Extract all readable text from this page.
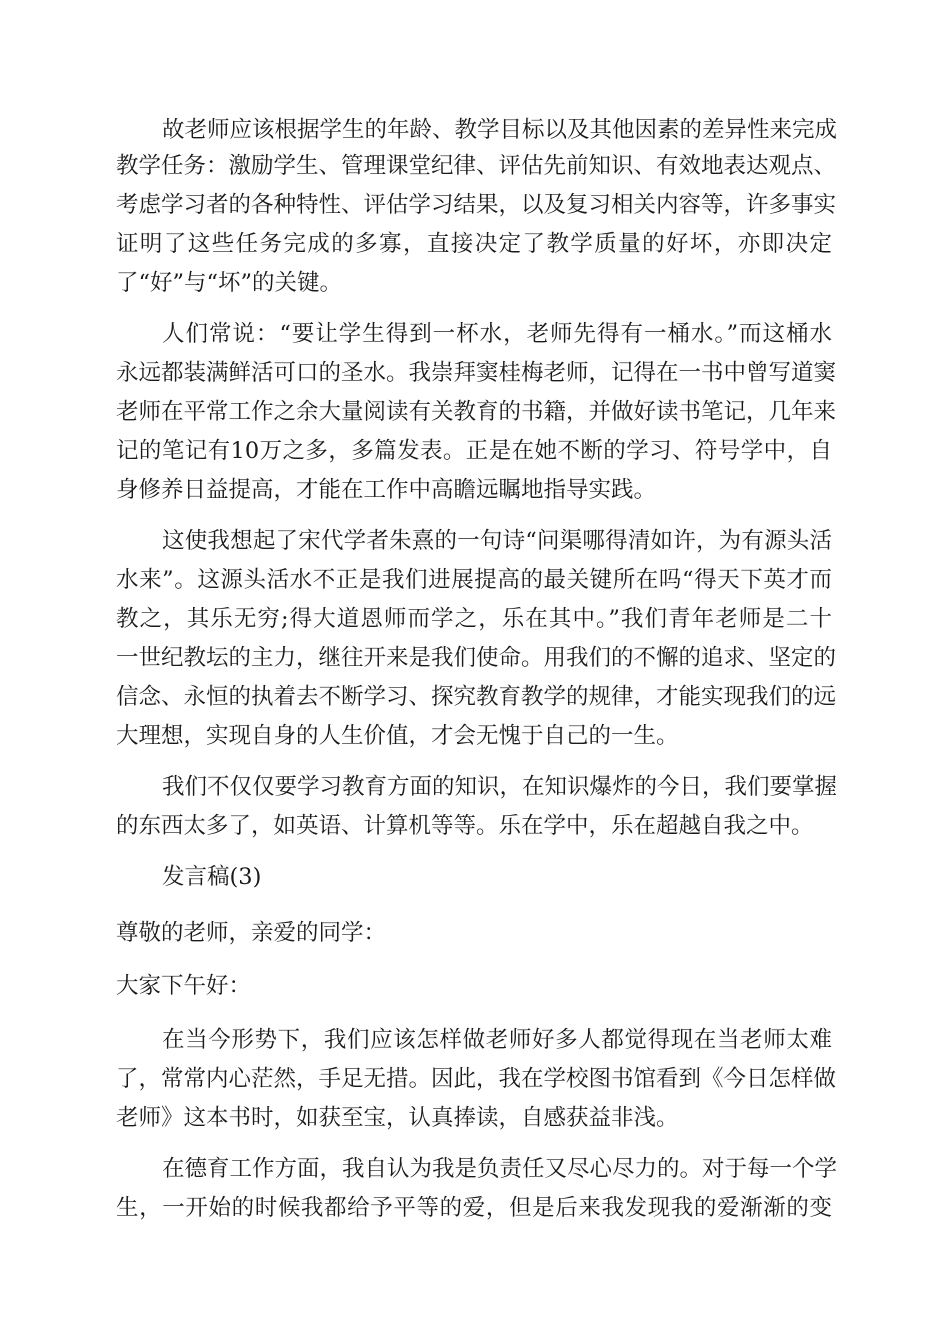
故老师应该根据学生的年龄、教学目标以及其他因素的差异性来完成

教学任务：激励学生、管理课堂纪律、评估先前知识、有效地表达观点、

考虑学习者的各种特性、评估学习结果，以及复习相关内容等，许多事实

证明了这些任务完成的多寡，直接决定了教学质量的好坏，亦即决定

了“好”与“坏”的关键。

人们常说：“要让学生得到一杯水，老师先得有一桶水。”而这桶水

永远都装满鲜活可口的圣水。我崇拜窦桂梅老师，记得在一书中曾写道窦

老师在平常工作之余大量阅读有关教育的书籍，并做好读书笔记，几年来

记的笔记有10万之多，多篇发表。正是在她不断的学习、符号学中，自

身修养日益提高，才能在工作中高瞻远瞩地指导实践。

这使我想起了宋代学者朱熹的一句诗“问渠哪得清如许，为有源头活

水来”。这源头活水不正是我们进展提高的最关键所在吗“得天下英才而

教之，其乐无穷;得大道恩师而学之，乐在其中。”我们青年老师是二十

一世纪教坛的主力，继往开来是我们使命。用我们的不懈的追求、坚定的

信念、永恒的执着去不断学习、探究教育教学的规律，才能实现我们的远

大理想，实现自身的人生价值，才会无愧于自己的一生。

我们不仅仅要学习教育方面的知识，在知识爆炸的今日，我们要掌握

的东西太多了，如英语、计算机等等。乐在学中，乐在超越自我之中。

发言稿(3)

尊敬的老师，亲爱的同学：

大家下午好：

在当今形势下，我们应该怎样做老师好多人都觉得现在当老师太难

了，常常内心茫然，手足无措。因此，我在学校图书馆看到《今日怎样做

老师》这本书时，如获至宝，认真捧读，自感获益非浅。

在德育工作方面，我自认为我是负责任又尽心尽力的。对于每一个学

生，一开始的时候我都给予平等的爱，但是后来我发现我的爱渐渐的变
